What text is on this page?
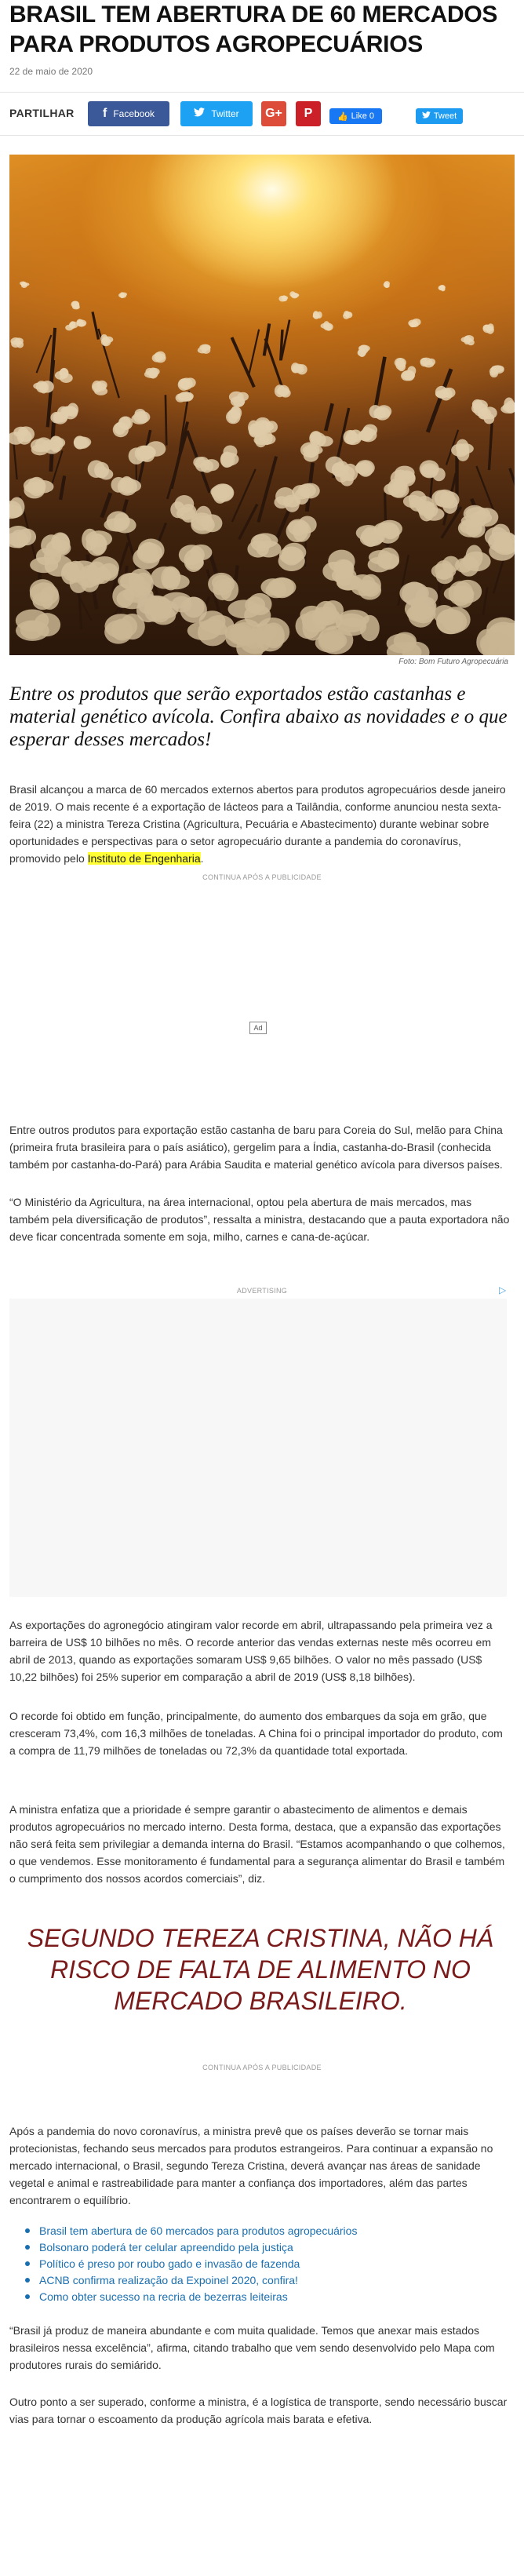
BRASIL TEM ABERTURA DE 60 MERCADOS PARA PRODUTOS AGROPECUÁRIOS
22 de maio de 2020
PARTILHAR f Facebook	Twitter G+ P	👍 Like 0	Tweet
Foto: Bom Futuro Agropecuária

Entre os produtos que serão exportados estão castanhas e material genético avícola. Confira abaixo as novidades e o que esperar desses mercados!

Brasil alcançou a marca de 60 mercados externos abertos para produtos agropecuários desde janeiro de 2019. O mais recente é a exportação de lácteos para a Tailândia, conforme anunciou nesta sexta-feira (22) a ministra Tereza Cristina (Agricultura, Pecuária e Abastecimento) durante webinar sobre oportunidades e perspectivas para o setor agropecuário durante a pandemia do coronavírus, promovido pelo Instituto de Engenharia.

CONTINUA APÓS A PUBLICIDADE
Ad

Entre outros produtos para exportação estão castanha de baru para Coreia do Sul, melão para China (primeira fruta brasileira para o país asiático), gergelim para a Índia, castanha-do-Brasil (conhecida também por castanha-do-Pará) para Arábia Saudita e material genético avícola para diversos países.

“O Ministério da Agricultura, na área internacional, optou pela abertura de mais mercados, mas também pela diversificação de produtos”, ressalta a ministra, destacando que a pauta exportadora não deve ficar concentrada somente em soja, milho, carnes e cana-de-açúcar.

ADVERTISING	▷

As exportações do agronegócio atingiram valor recorde em abril, ultrapassando pela primeira vez a barreira de US$ 10 bilhões no mês. O recorde anterior das vendas externas neste mês ocorreu em abril de 2013, quando as exportações somaram US$ 9,65 bilhões. O valor no mês passado (US$ 10,22 bilhões) foi 25% superior em comparação a abril de 2019 (US$ 8,18 bilhões).

O recorde foi obtido em função, principalmente, do aumento dos embarques da soja em grão, que cresceram 73,4%, com 16,3 milhões de toneladas. A China foi o principal importador do produto, com a compra de 11,79 milhões de toneladas ou 72,3% da quantidade total exportada.

A ministra enfatiza que a prioridade é sempre garantir o abastecimento de alimentos e demais produtos agropecuários no mercado interno. Desta forma, destaca, que a expansão das exportações não será feita sem privilegiar a demanda interna do Brasil. “Estamos acompanhando o que colhemos, o que vendemos. Esse monitoramento é fundamental para a segurança alimentar do Brasil e também o cumprimento dos nossos acordos comerciais”, diz.

SEGUNDO TEREZA CRISTINA, NÃO HÁ RISCO DE FALTA DE ALIMENTO NO MERCADO BRASILEIRO.

CONTINUA APÓS A PUBLICIDADE

Após a pandemia do novo coronavírus, a ministra prevê que os países deverão se tornar mais protecionistas, fechando seus mercados para produtos estrangeiros. Para continuar a expansão no mercado internacional, o Brasil, segundo Tereza Cristina, deverá avançar nas áreas de sanidade vegetal e animal e rastreabilidade para manter a confiança dos importadores, além das partes encontrarem o equilíbrio.

Brasil tem abertura de 60 mercados para produtos agropecuários
Bolsonaro poderá ter celular apreendido pela justiça
Político é preso por roubo gado e invasão de fazenda
ACNB confirma realização da Expoinel 2020, confira!
Como obter sucesso na recria de bezerras leiteiras

“Brasil já produz de maneira abundante e com muita qualidade. Temos que anexar mais estados brasileiros nessa excelência”, afirma, citando trabalho que vem sendo desenvolvido pelo Mapa com produtores rurais do semiárido.

Outro ponto a ser superado, conforme a ministra, é a logística de transporte, sendo necessário buscar vias para tornar o escoamento da produção agrícola mais barata e efetiva.
